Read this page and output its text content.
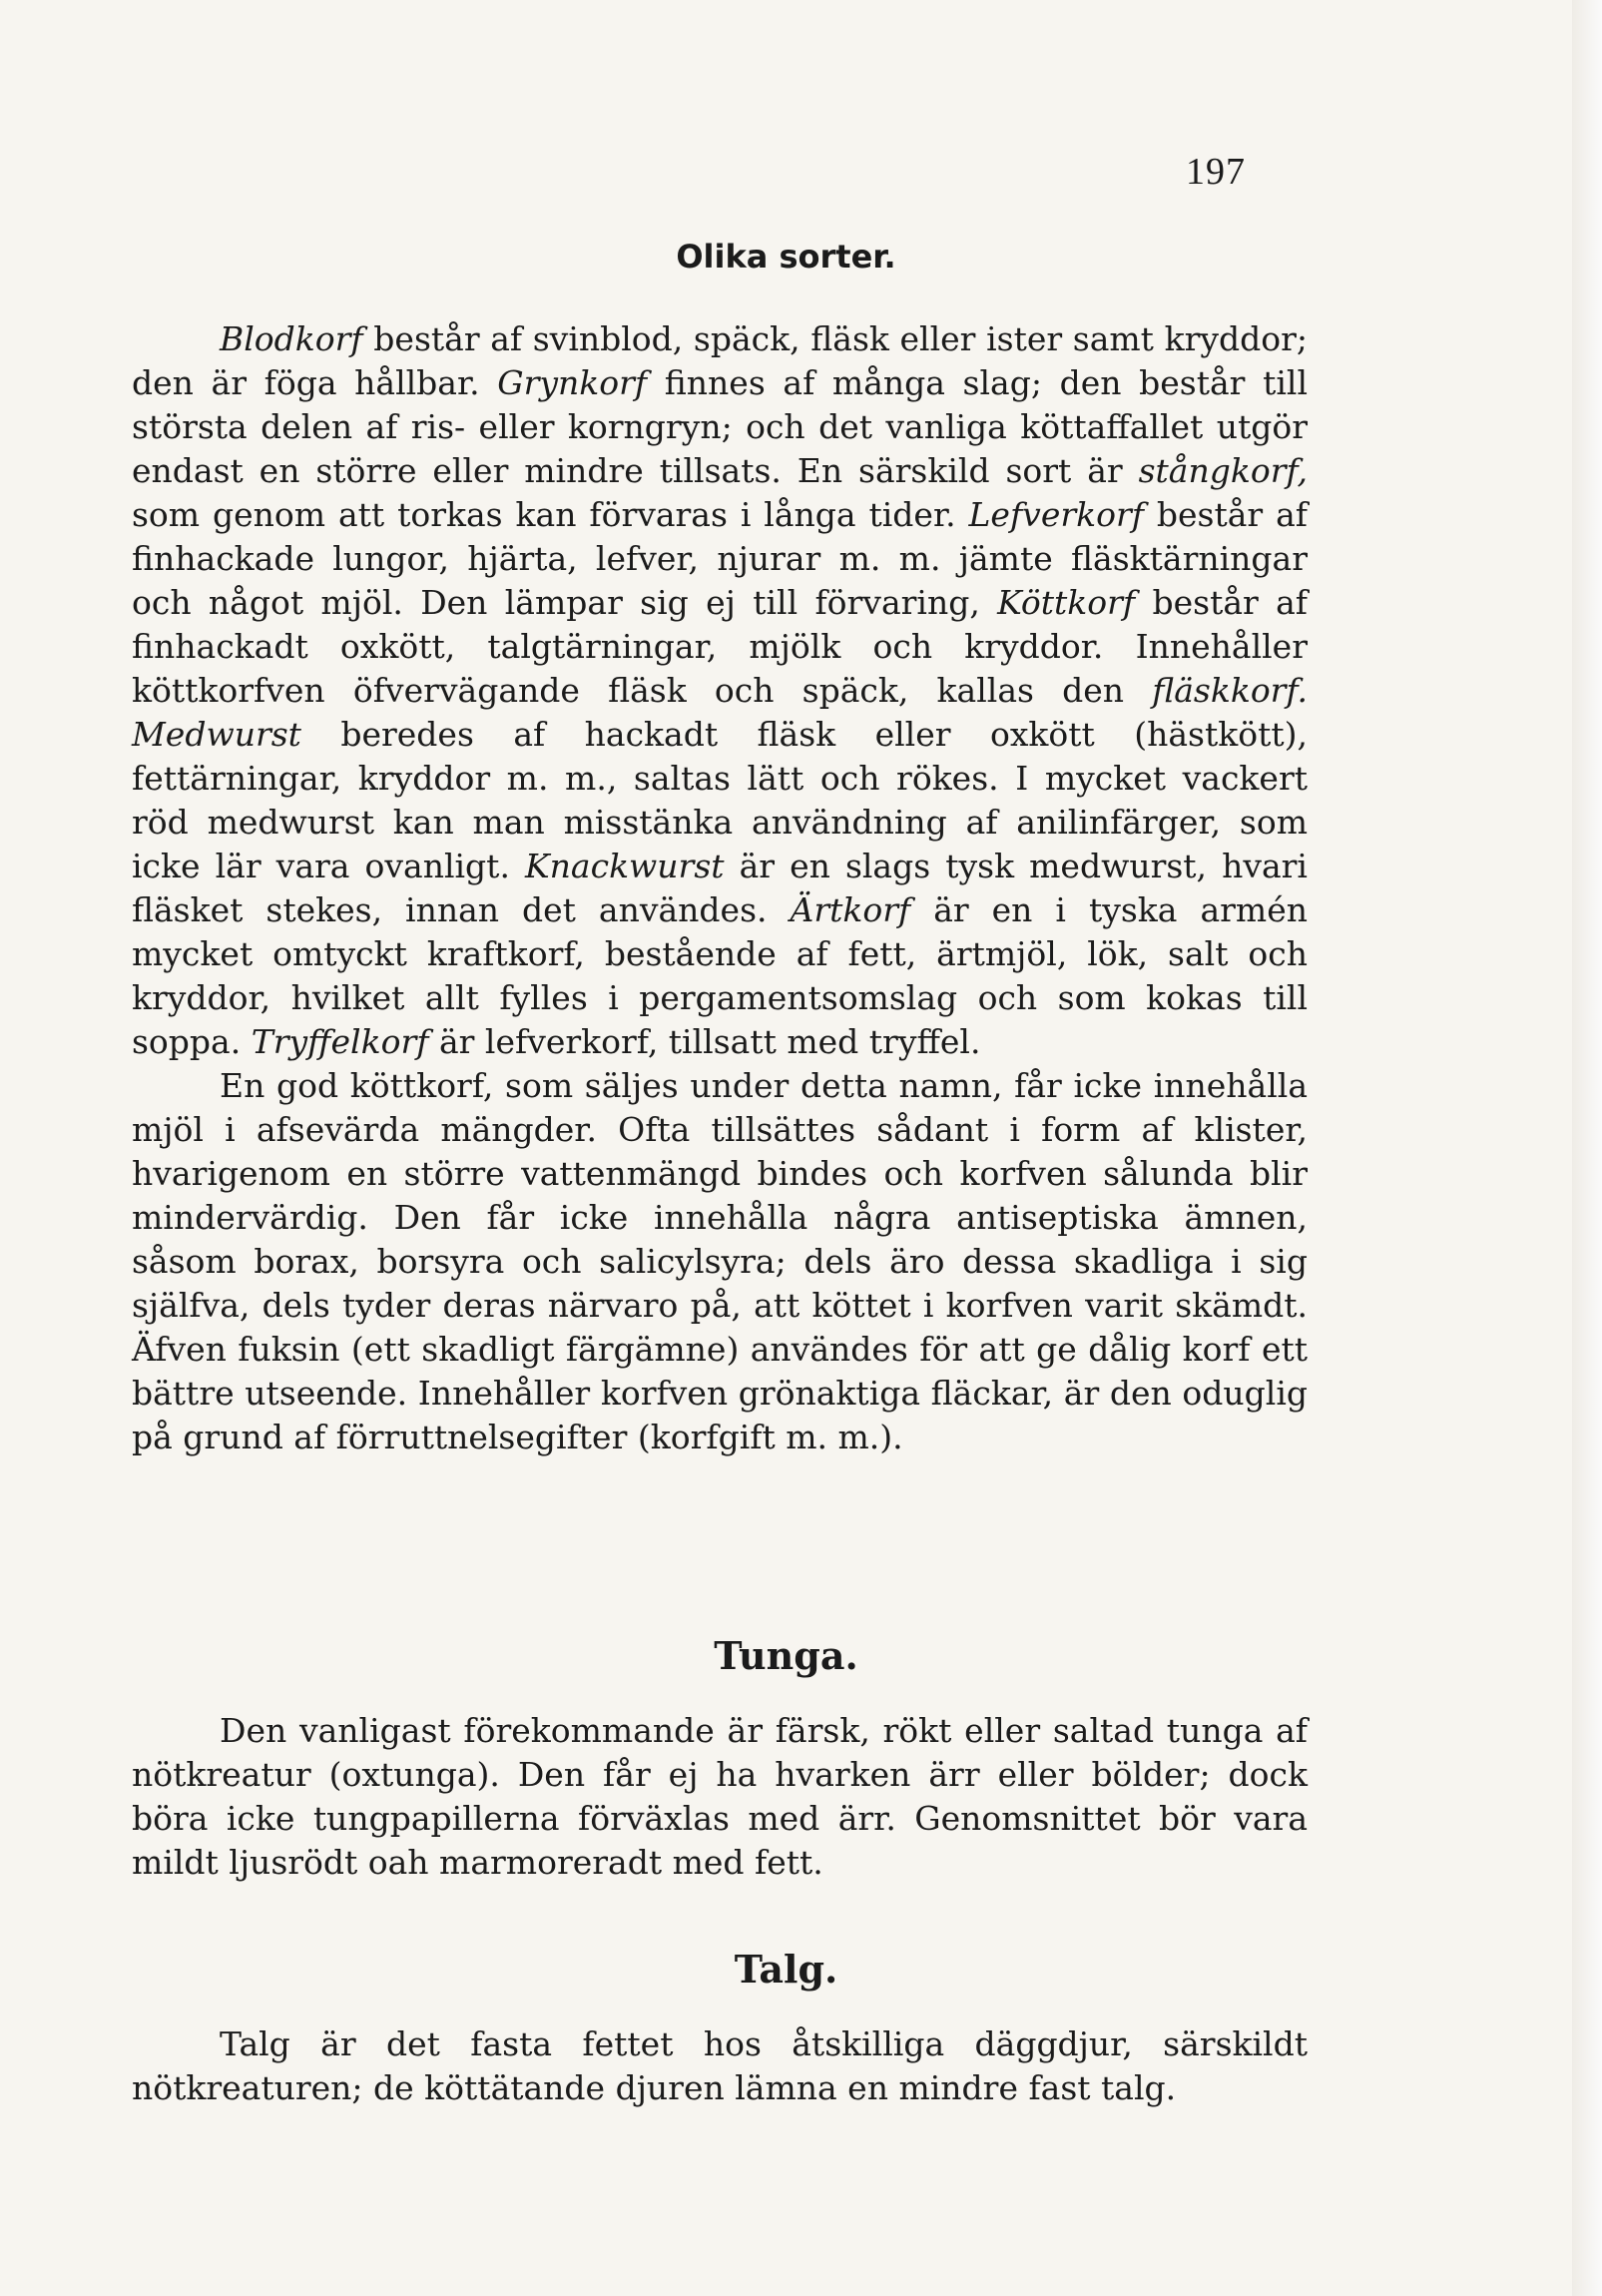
197
Olika sorter.

Blodkorf består af svinblod, späck, fläsk eller ister samt kryddor; den är föga hållbar. Grynkorf finnes af många slag; den består till största delen af ris- eller korngryn; och det vanliga köttaffallet utgör endast en större eller mindre tillsats. En särskild sort är stångkorf, som genom att torkas kan förvaras i långa tider. Lefverkorf består af finhackade lungor, hjärta, lefver, njurar m. m. jämte fläsktärningar och något mjöl. Den lämpar sig ej till förvaring, Köttkorf består af finhackadt oxkött, talgtärningar, mjölk och kryddor. Innehåller köttkorfven öfvervägande fläsk och späck, kallas den fläskkorf. Medwurst beredes af hackadt fläsk eller oxkött (hästkött), fettärningar, kryddor m. m., saltas lätt och rökes. I mycket vackert röd medwurst kan man misstänka användning af anilinfärger, som icke lär vara ovanligt. Knackwurst är en slags tysk medwurst, hvari fläsket stekes, innan det användes. Ärtkorf är en i tyska armén mycket omtyckt kraftkorf, bestående af fett, ärtmjöl, lök, salt och kryddor, hvilket allt fylles i pergamentsomslag och som kokas till soppa. Tryffelkorf är lefverkorf, tillsatt med tryffel.

En god köttkorf, som säljes under detta namn, får icke innehålla mjöl i afsevärda mängder. Ofta tillsättes sådant i form af klister, hvarigenom en större vattenmängd bindes och korfven sålunda blir mindervärdig. Den får icke innehålla några antiseptiska ämnen, såsom borax, borsyra och salicylsyra; dels äro dessa skadliga i sig själfva, dels tyder deras närvaro på, att köttet i korfven varit skämdt. Äfven fuksin (ett skadligt färgämne) användes för att ge dålig korf ett bättre utseende. Innehåller korfven grönaktiga fläckar, är den oduglig på grund af förruttnelsegifter (korfgift m. m.).

Tunga.

Den vanligast förekommande är färsk, rökt eller saltad tunga af nötkreatur (oxtunga). Den får ej ha hvarken ärr eller bölder; dock böra icke tungpapillerna förväxlas med ärr. Genomsnittet bör vara mildt ljusrödt oah marmoreradt med fett.

Talg.

Talg är det fasta fettet hos åtskilliga däggdjur, särskildt nötkreaturen; de köttätande djuren lämna en mindre fast talg.
